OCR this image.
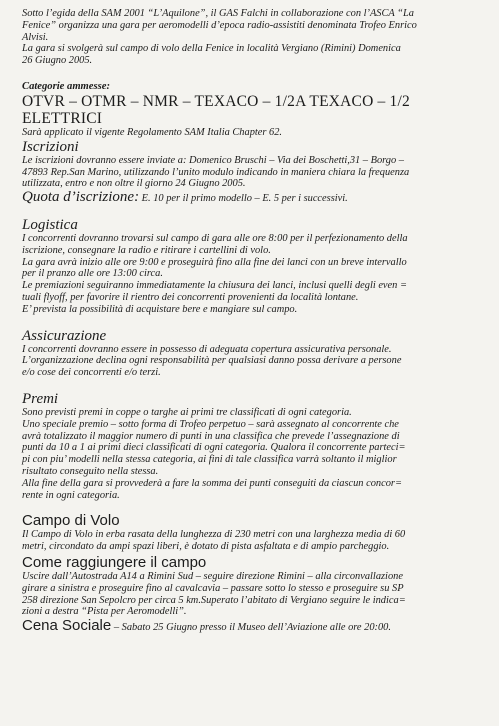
Sotto l’egida della SAM 2001 “L’Aquilone”, il GAS Falchi in collaborazione con l’ASCA “La

Fenice” organizza una gara per aeromodelli d’epoca radio-assistiti denominata Trofeo Enrico

Alvisi.

La gara si svolgerà sul campo di volo della Fenice in località Vergiano (Rimini) Domenica

26 Giugno 2005.

Categorie ammesse:

OTVR – OTMR – NMR – TEXACO – 1/2A TEXACO – 1/2 ELETTRICI

Sarà applicato il vigente Regolamento SAM Italia Chapter 62.

Iscrizioni

Le iscrizioni dovranno essere inviate a: Domenico Bruschi – Via dei Boschetti,31 – Borgo –

47893 Rep.San Marino, utilizzando l’unito modulo indicando in maniera chiara la frequenza

utilizzata, entro e non oltre il giorno 24 Giugno 2005.

Quota d’iscrizione: E. 10 per il primo modello – E. 5 per i successivi.

Logistica

I concorrenti dovranno trovarsi sul campo di gara alle ore 8:00 per il perfezionamento della

iscrizione, consegnare la radio e ritirare i cartellini di volo.

La gara avrà inizio alle ore 9:00 e proseguirà fino alla fine dei lanci con un breve intervallo

per il pranzo alle ore 13:00 circa.

Le premiazioni seguiranno immediatamente la chiusura dei lanci, inclusi quelli degli even =

tuali flyoff, per favorire il rientro dei concorrenti provenienti da località lontane.

E’ prevista la possibilità di acquistare bere e mangiare sul campo.

Assicurazione

I concorrenti dovranno essere in possesso di adeguata copertura assicurativa personale.

L’organizzazione declina ogni responsabilità per qualsiasi danno possa derivare a persone

e/o cose dei concorrenti e/o terzi.

Premi

Sono previsti premi in coppe o targhe ai primi tre classificati di ogni categoria.

Uno speciale premio – sotto forma di Trofeo perpetuo – sarà assegnato al concorrente che

avrà totalizzato il maggior numero di punti in una classifica che prevede l’assegnazione di

punti da 10 a 1 ai primi dieci classificati di ogni categoria. Qualora il concorrente parteci=

pi con piu’ modelli nella stessa categoria, ai fini di tale classifica varrà soltanto il miglior

risultato conseguito nella stessa.

Alla fine della gara si provvederà a fare la somma dei punti conseguiti da ciascun concor=

rente in ogni categoria.

Campo di Volo

Il Campo di Volo in erba rasata della lunghezza di 230 metri con una larghezza media di 60

metri, circondato da ampi spazi liberi, è dotato di pista asfaltata e di ampio parcheggio.

Come raggiungere il campo

Uscire dall’Autostrada A14 a Rimini Sud – seguire direzione Rimini – alla circonvallazione

girare a sinistra e proseguire fino al cavalcavia – passare sotto lo stesso e proseguire su SP

258 direzione San Sepolcro per circa 5 km.Superato l’abitato di Vergiano seguire le indica=

zioni a destra “Pista per Aeromodelli”.

Cena Sociale – Sabato 25 Giugno presso il Museo dell’Aviazione alle ore 20:00.
